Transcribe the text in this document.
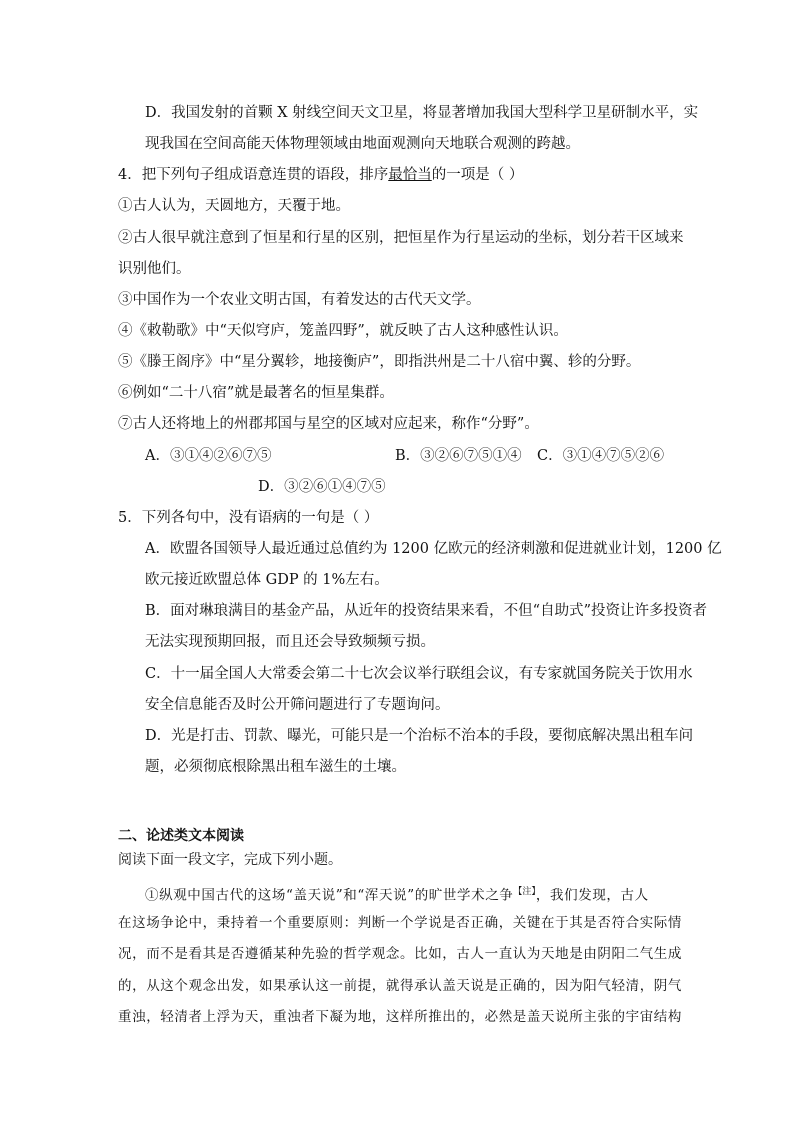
D．我国发射的首颗 X 射线空间天文卫星，将显著增加我国大型科学卫星研制水平，实
现我国在空间高能天体物理领域由地面观测向天地联合观测的跨越。
4．把下列句子组成语意连贯的语段，排序最恰当的一项是（ ）
①古人认为，天圆地方，天覆于地。
②古人很早就注意到了恒星和行星的区别，把恒星作为行星运动的坐标，划分若干区域来
识别他们。
③中国作为一个农业文明古国，有着发达的古代天文学。
④《敕勒歌》中“天似穹庐，笼盖四野”，就反映了古人这种感性认识。
⑤《滕王阁序》中“星分翼轸，地接衡庐”，即指洪州是二十八宿中翼、轸的分野。
⑥例如“二十八宿”就是最著名的恒星集群。
⑦古人还将地上的州郡邦国与星空的区域对应起来，称作“分野”。
A．③①④②⑥⑦⑤	B．③②⑥⑦⑤①④ C．③①④⑦⑤②⑥
D．③②⑥①④⑦⑤
5．下列各句中，没有语病的一句是（ ）
A．欧盟各国领导人最近通过总值约为 1200 亿欧元的经济刺激和促进就业计划，1200 亿
欧元接近欧盟总体 GDP 的 1%左右。
B．面对琳琅满目的基金产品，从近年的投资结果来看，不但“自助式”投资让许多投资者
无法实现预期回报，而且还会导致频频亏损。
C．十一届全国人大常委会第二十七次会议举行联组会议，有专家就国务院关于饮用水
安全信息能否及时公开筛问题进行了专题询问。
D．光是打击、罚款、曝光，可能只是一个治标不治本的手段，要彻底解决黑出租车问
题，必须彻底根除黑出租车滋生的土壤。
二、论述类文本阅读
阅读下面一段文字，完成下列小题。
①纵观中国古代的这场“盖天说”和“浑天说”的旷世学术之争$^{【注】}$，我们发现，古人
在这场争论中，秉持着一个重要原则：判断一个学说是否正确，关键在于其是否符合实际情
况，而不是看其是否遵循某种先验的哲学观念。比如，古人一直认为天地是由阴阳二气生成
的，从这个观念出发，如果承认这一前提，就得承认盖天说是正确的，因为阳气轻清，阴气
重浊，轻清者上浮为天，重浊者下凝为地，这样所推出的，必然是盖天说所主张的宇宙结构
